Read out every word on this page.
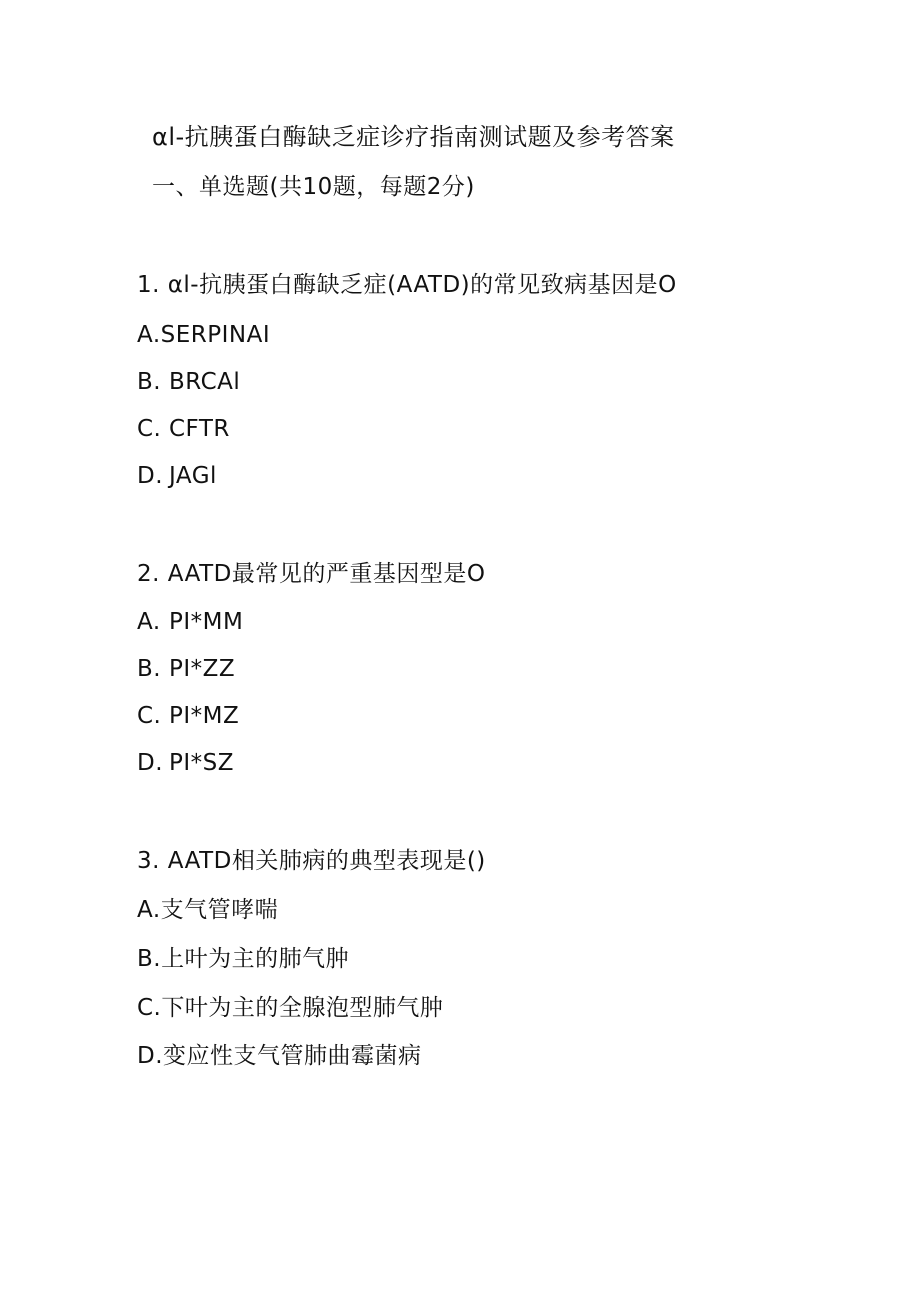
αl-抗胰蛋白酶缺乏症诊疗指南测试题及参考答案
一、单选题(共10题，每题2分)
1. αl-抗胰蛋白酶缺乏症(AATD)的常见致病基因是O
A.SERPINAI
B. BRCAl
C. CFTR
D. JAGl
2. AATD最常见的严重基因型是O
A. PI*MM
B. PI*ZZ
C. PI*MZ
D. PI*SZ
3. AATD相关肺病的典型表现是()
A.支气管哮喘
B.上叶为主的肺气肿
C.下叶为主的全腺泡型肺气肿
D.变应性支气管肺曲霉菌病
